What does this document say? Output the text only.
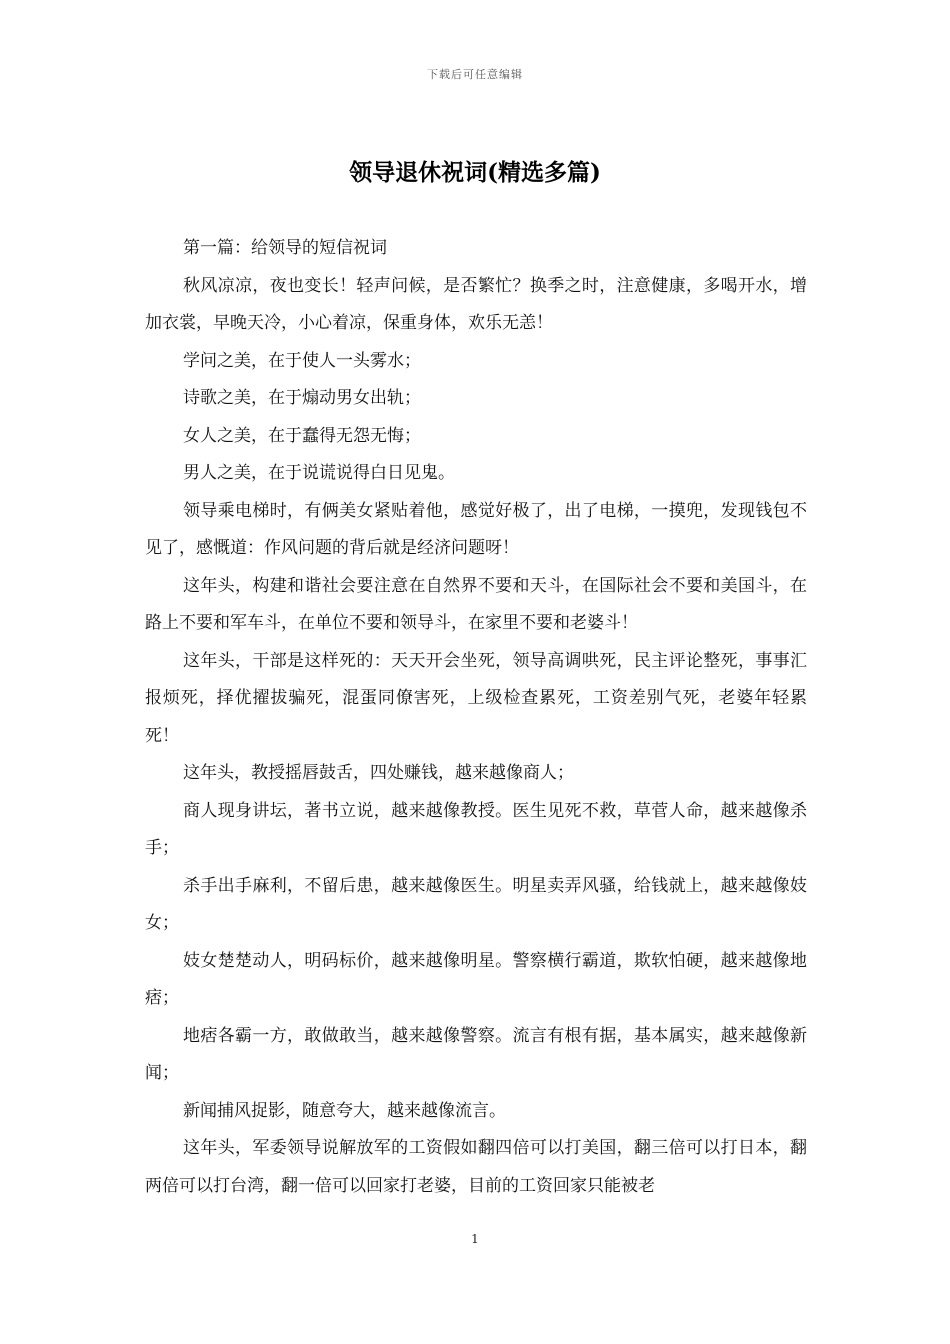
下载后可任意编辑
领导退休祝词(精选多篇)

第一篇：给领导的短信祝词

秋风凉凉，夜也变长！轻声问候，是否繁忙？换季之时，注意健康，多喝开水，增加衣裳，早晚天冷，小心着凉，保重身体，欢乐无恙！

学问之美，在于使人一头雾水；

诗歌之美，在于煽动男女出轨；

女人之美，在于蠢得无怨无悔；

男人之美，在于说谎说得白日见鬼。

领导乘电梯时，有俩美女紧贴着他，感觉好极了，出了电梯，一摸兜，发现钱包不见了，感慨道：作风问题的背后就是经济问题呀！

这年头，构建和谐社会要注意在自然界不要和天斗，在国际社会不要和美国斗，在路上不要和军车斗，在单位不要和领导斗，在家里不要和老婆斗！

这年头，干部是这样死的：天天开会坐死，领导高调哄死，民主评论整死，事事汇报烦死，择优擢拔骗死，混蛋同僚害死，上级检查累死，工资差别气死，老婆年轻累死！

这年头，教授摇唇鼓舌，四处赚钱，越来越像商人；

商人现身讲坛，著书立说，越来越像教授。医生见死不救，草菅人命，越来越像杀手；

杀手出手麻利，不留后患，越来越像医生。明星卖弄风骚，给钱就上，越来越像妓女；

妓女楚楚动人，明码标价，越来越像明星。警察横行霸道，欺软怕硬，越来越像地痞；

地痞各霸一方，敢做敢当，越来越像警察。流言有根有据，基本属实，越来越像新闻；

新闻捕风捉影，随意夸大，越来越像流言。

这年头，军委领导说解放军的工资假如翻四倍可以打美国，翻三倍可以打日本，翻两倍可以打台湾，翻一倍可以回家打老婆，目前的工资回家只能被老

1
